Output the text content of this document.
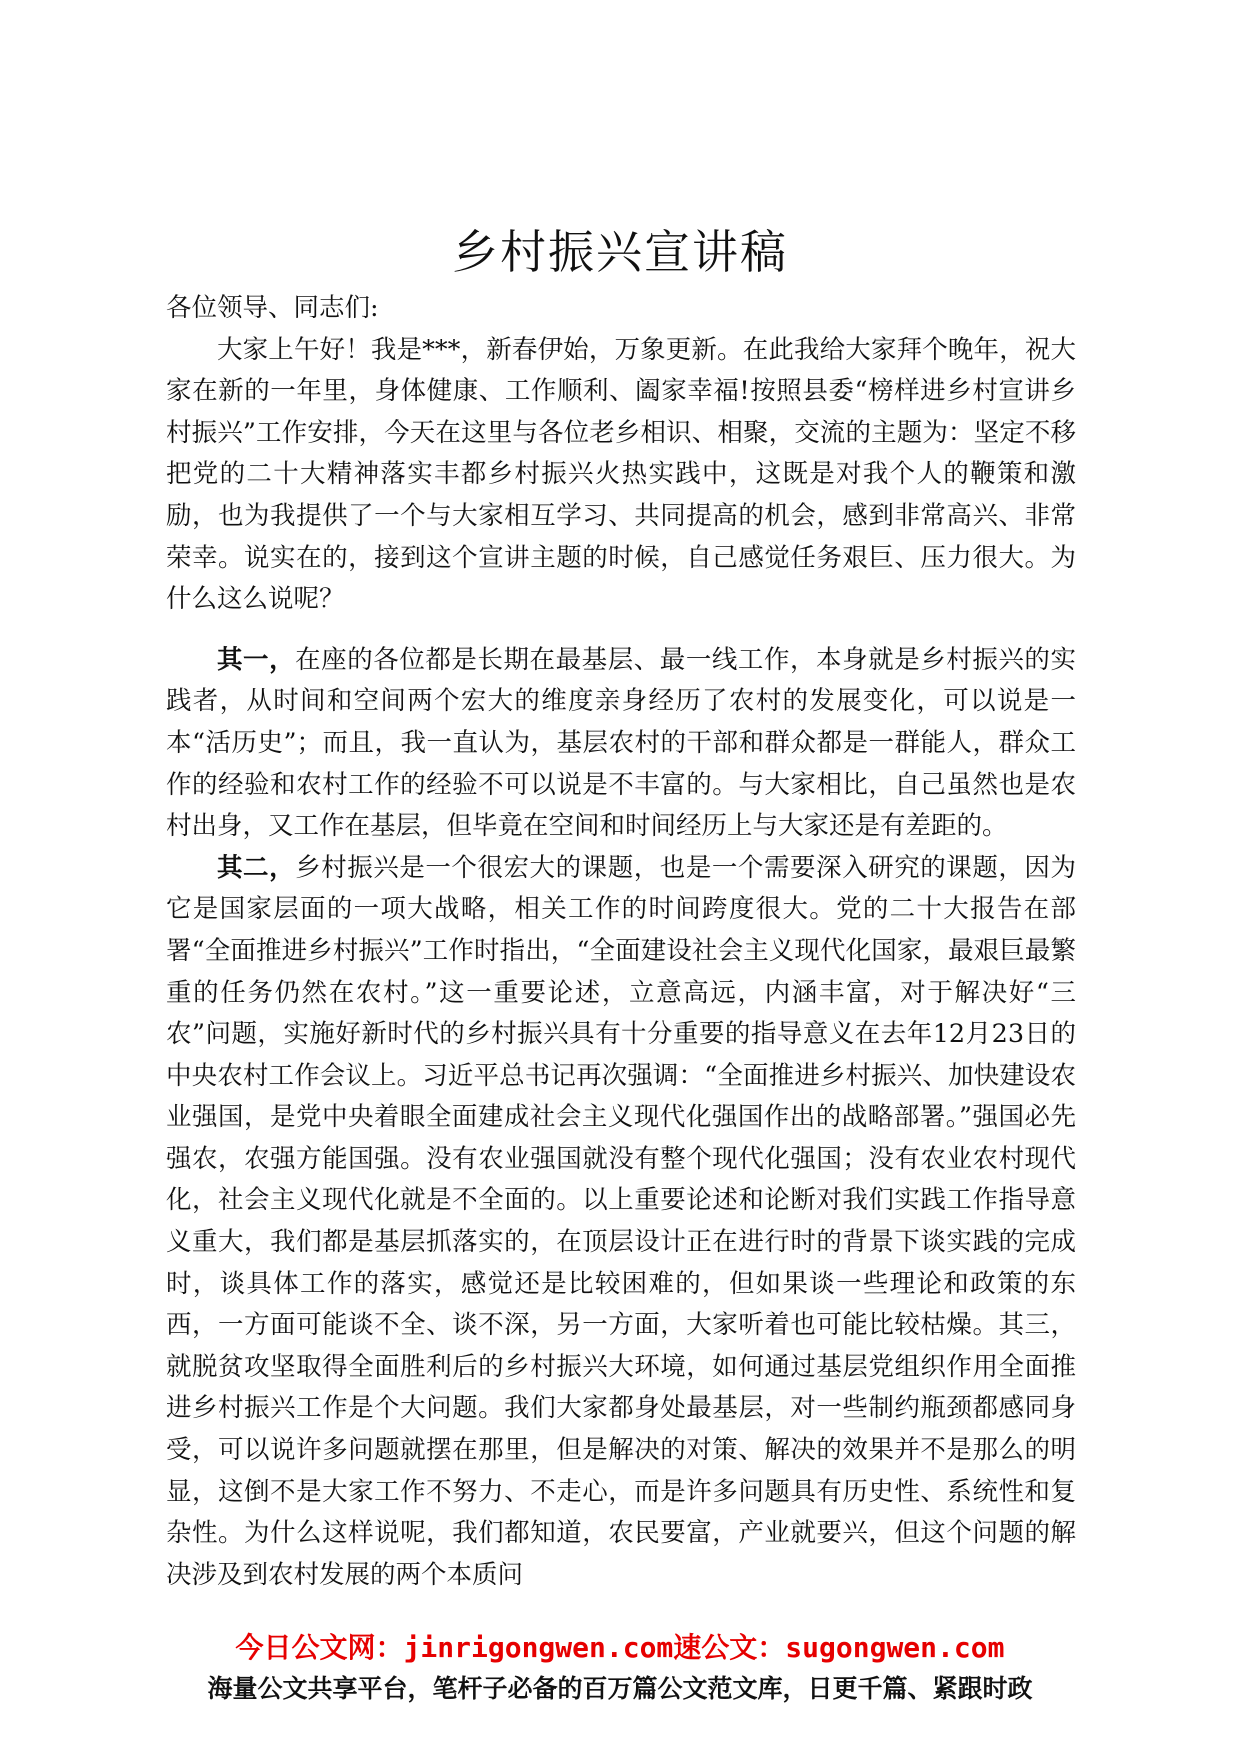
乡村振兴宣讲稿

各位领导、同志们:

大家上午好！我是***，新春伊始，万象更新。在此我给大家拜个晚年，祝大家在新的一年里，身体健康、工作顺利、阖家幸福!按照县委“榜样进乡村宣讲乡村振兴”工作安排，今天在这里与各位老乡相识、相聚，交流的主题为：坚定不移把党的二十大精神落实丰都乡村振兴火热实践中，这既是对我个人的鞭策和激励，也为我提供了一个与大家相互学习、共同提高的机会，感到非常高兴、非常荣幸。说实在的，接到这个宣讲主题的时候，自己感觉任务艰巨、压力很大。为什么这么说呢？

其一，在座的各位都是长期在最基层、最一线工作，本身就是乡村振兴的实践者，从时间和空间两个宏大的维度亲身经历了农村的发展变化，可以说是一本“活历史”；而且，我一直认为，基层农村的干部和群众都是一群能人，群众工作的经验和农村工作的经验不可以说是不丰富的。与大家相比，自己虽然也是农村出身，又工作在基层，但毕竟在空间和时间经历上与大家还是有差距的。

其二，乡村振兴是一个很宏大的课题，也是一个需要深入研究的课题，因为它是国家层面的一项大战略，相关工作的时间跨度很大。党的二十大报告在部署“全面推进乡村振兴”工作时指出，“全面建设社会主义现代化国家，最艰巨最繁重的任务仍然在农村。”这一重要论述，立意高远，内涵丰富，对于解决好“三农”问题，实施好新时代的乡村振兴具有十分重要的指导意义在去年12月23日的中央农村工作会议上。习近平总书记再次强调：“全面推进乡村振兴、加快建设农业强国，是党中央着眼全面建成社会主义现代化强国作出的战略部署。”强国必先强农，农强方能国强。没有农业强国就没有整个现代化强国；没有农业农村现代化，社会主义现代化就是不全面的。以上重要论述和论断对我们实践工作指导意义重大，我们都是基层抓落实的，在顶层设计正在进行时的背景下谈实践的完成时，谈具体工作的落实，感觉还是比较困难的，但如果谈一些理论和政策的东西，一方面可能谈不全、谈不深，另一方面，大家听着也可能比较枯燥。其三，就脱贫攻坚取得全面胜利后的乡村振兴大环境，如何通过基层党组织作用全面推进乡村振兴工作是个大问题。我们大家都身处最基层，对一些制约瓶颈都感同身受，可以说许多问题就摆在那里，但是解决的对策、解决的效果并不是那么的明显，这倒不是大家工作不努力、不走心，而是许多问题具有历史性、系统性和复杂性。为什么这样说呢，我们都知道，农民要富，产业就要兴，但这个问题的解决涉及到农村发展的两个本质问

今日公文网：jinrigongwen.com速公文：sugongwen.com
海量公文共享平台，笔杆子必备的百万篇公文范文库，日更千篇、紧跟时政
